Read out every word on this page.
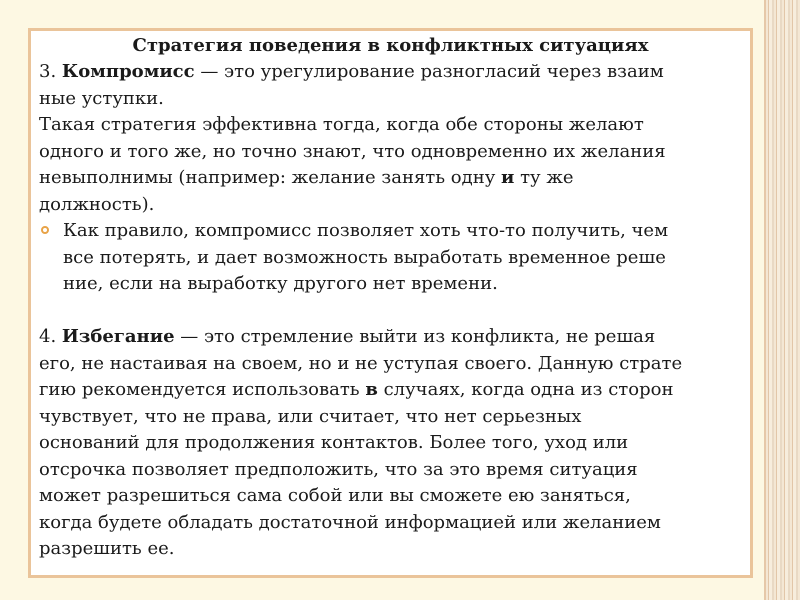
Стратегия поведения в конфликтных ситуациях

3. Компромисс — это урегулирование разногласий через взаим

ные уступки.

Такая стратегия эффективна тогда, когда обе стороны желают

одного и того же, но точно знают, что одновременно их желания

невыполнимы (например: желание занять одну и ту же

должность).

Как правило, компромисс позволяет хоть что-то получить, чем

все потерять, и дает возможность выработать временное реше

ние, если на выработку другого нет времени.

4. Избегание — это стремление выйти из конфликта, не решая

его, не настаивая на своем, но и не уступая своего. Данную страте

гию рекомендуется использовать в случаях, когда одна из сторон

чувствует, что не права, или считает, что нет серьезных

оснований для продолжения контактов. Более того, уход или

отсрочка позволяет предположить, что за это время ситуация

может разрешиться сама собой или вы сможете ею заняться,

когда будете обладать достаточной информацией или желанием

разрешить ее.
